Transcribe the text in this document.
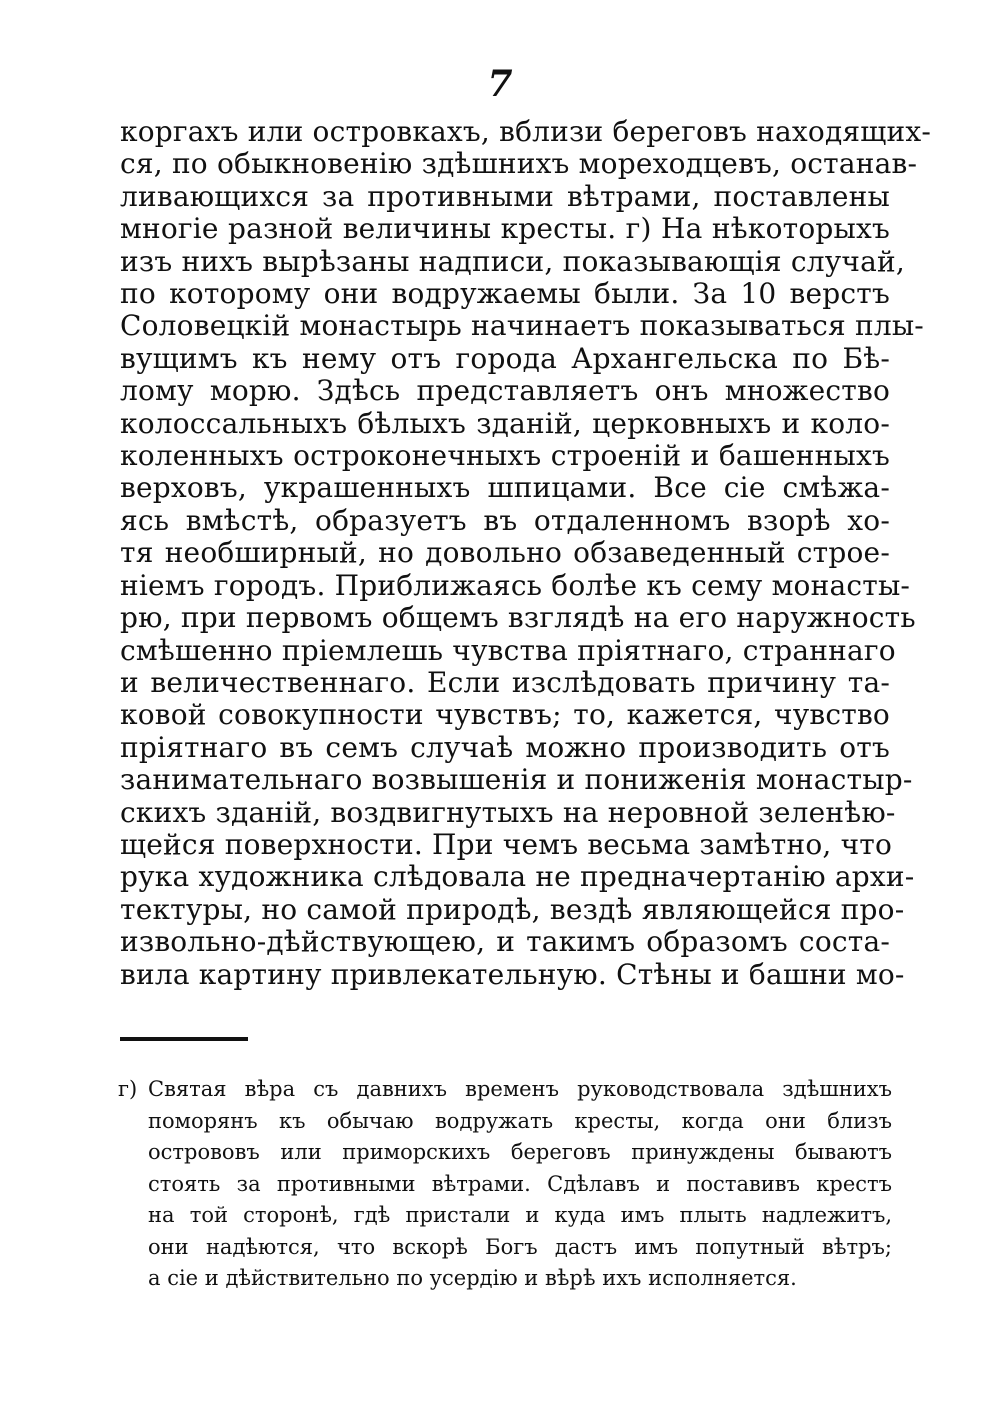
7
коргахъ или островкахъ, вблизи береговъ находящих-
ся, по обыкновенію здѣшнихъ мореходцевъ, останав-
ливающихся за противными вѣтрами, поставлены
многіе разной величины кресты. г) На нѣкоторыхъ
изъ нихъ вырѣзаны надписи, показывающія случай,
по которому они водружаемы были. За 10 верстъ
Соловецкій монастырь начинаетъ показываться плы-
вущимъ къ нему отъ города Архангельска по Бѣ-
лому морю. Здѣсь представляетъ онъ множество
колоссальныхъ бѣлыхъ зданій, церковныхъ и коло-
коленныхъ остроконечныхъ строеній и башенныхъ
верховъ, украшенныхъ шпицами. Все сіе смѣжа-
ясь вмѣстѣ, образуетъ въ отдаленномъ взорѣ хо-
тя необширный, но довольно обзаведенный строе-
ніемъ городъ. Приближаясь болѣе къ сему монасты-
рю, при первомъ общемъ взглядѣ на его наружность
смѣшенно пріемлешь чувства пріятнаго, страннаго
и величественнаго. Если изслѣдовать причину та-
ковой совокупности чувствъ; то, кажется, чувство
пріятнаго въ семъ случаѣ можно производить отъ
занимательнаго возвышенія и пониженія монастыр-
скихъ зданій, воздвигнутыхъ на неровной зеленѣю-
щейся поверхности. При чемъ весьма замѣтно, что
рука художника слѣдовала не предначертанію архи-
тектуры, но самой природѣ, вездѣ являющейся про-
извольно-дѣйствующею, и такимъ образомъ соста-
вила картину привлекательную. Стѣны и башни мо-
г) Святая вѣра съ давнихъ временъ руководствовала здѣшнихъ
поморянъ къ обычаю водружать кресты, когда они близъ
острововъ или приморскихъ береговъ принуждены бываютъ
стоять за противными вѣтрами. Сдѣлавъ и поставивъ крестъ
на той сторонѣ, гдѣ пристали и куда имъ плыть надлежитъ,
они надѣются, что вскорѣ Богъ дастъ имъ попутный вѣтръ;
а сіе и дѣйствительно по усердію и вѣрѣ ихъ исполняется.
